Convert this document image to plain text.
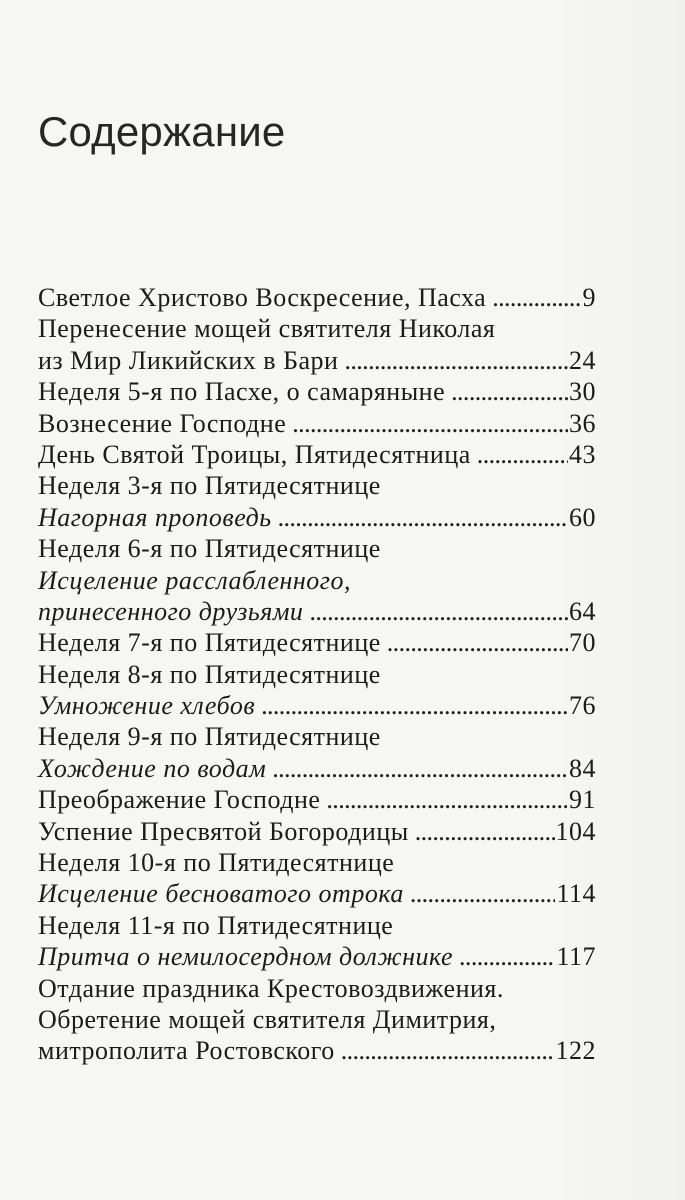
Содержание
Светлое Христово Воскресение, Пасха .....	9
Перенесение мощей святителя Николая
из Мир Ликийских в Бари .....	24
Неделя 5-я по Пасхе, о самаряныне .....	30
Вознесение Господне .....	36
День Святой Троицы, Пятидесятница .....	43
Неделя 3-я по Пятидесятнице
Нагорная проповедь .....	60
Неделя 6-я по Пятидесятнице
Исцеление расслабленного,
принесенного друзьями .....	64
Неделя 7-я по Пятидесятнице .....	70
Неделя 8-я по Пятидесятнице
Умножение хлебов .....	76
Неделя 9-я по Пятидесятнице
Хождение по водам .....	84
Преображение Господне .....	91
Успение Пресвятой Богородицы .....	104
Неделя 10-я по Пятидесятнице
Исцеление бесноватого отрока .....	114
Неделя 11-я по Пятидесятнице
Притча о немилосердном должнике .....	117
Отдание праздника Крестовоздвижения.
Обретение мощей святителя Димитрия,
митрополита Ростовского .....	122
